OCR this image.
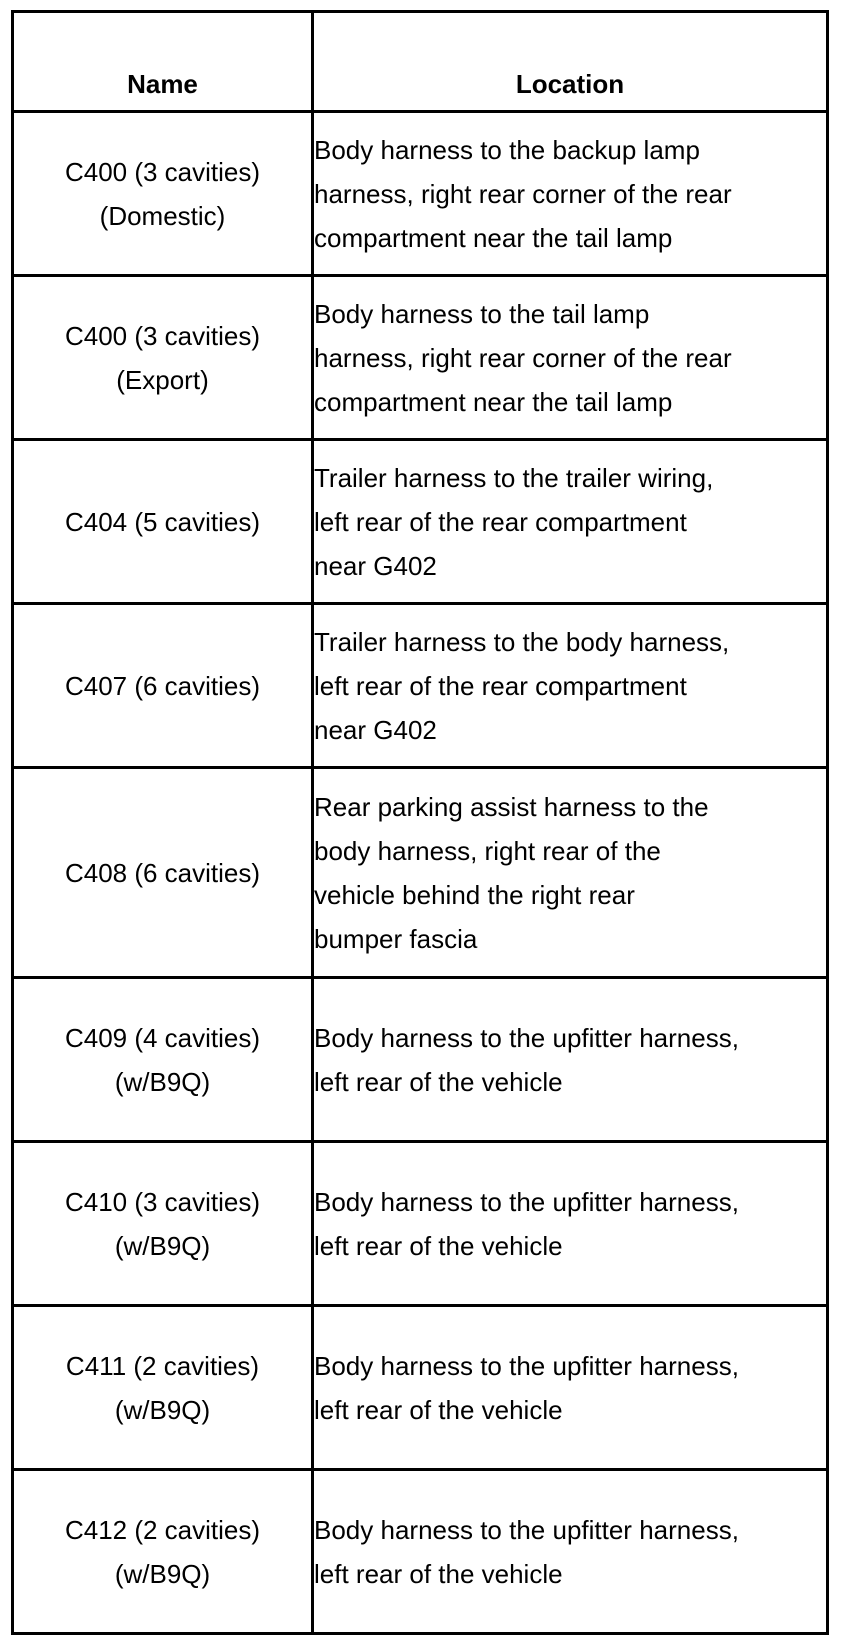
Name	Location

C400 (3 cavities)
(Domestic)	Body harness to the backup lamp
harness, right rear corner of the rear
compartment near the tail lamp

C400 (3 cavities)
(Export)	Body harness to the tail lamp
harness, right rear corner of the rear
compartment near the tail lamp

C404 (5 cavities)	Trailer harness to the trailer wiring,
left rear of the rear compartment
near G402

C407 (6 cavities)	Trailer harness to the body harness,
left rear of the rear compartment
near G402

C408 (6 cavities)	Rear parking assist harness to the
body harness, right rear of the
vehicle behind the right rear
bumper fascia

C409 (4 cavities)
(w/B9Q)	Body harness to the upfitter harness,
left rear of the vehicle

C410 (3 cavities)
(w/B9Q)	Body harness to the upfitter harness,
left rear of the vehicle

C411 (2 cavities)
(w/B9Q)	Body harness to the upfitter harness,
left rear of the vehicle

C412 (2 cavities)
(w/B9Q)	Body harness to the upfitter harness,
left rear of the vehicle
